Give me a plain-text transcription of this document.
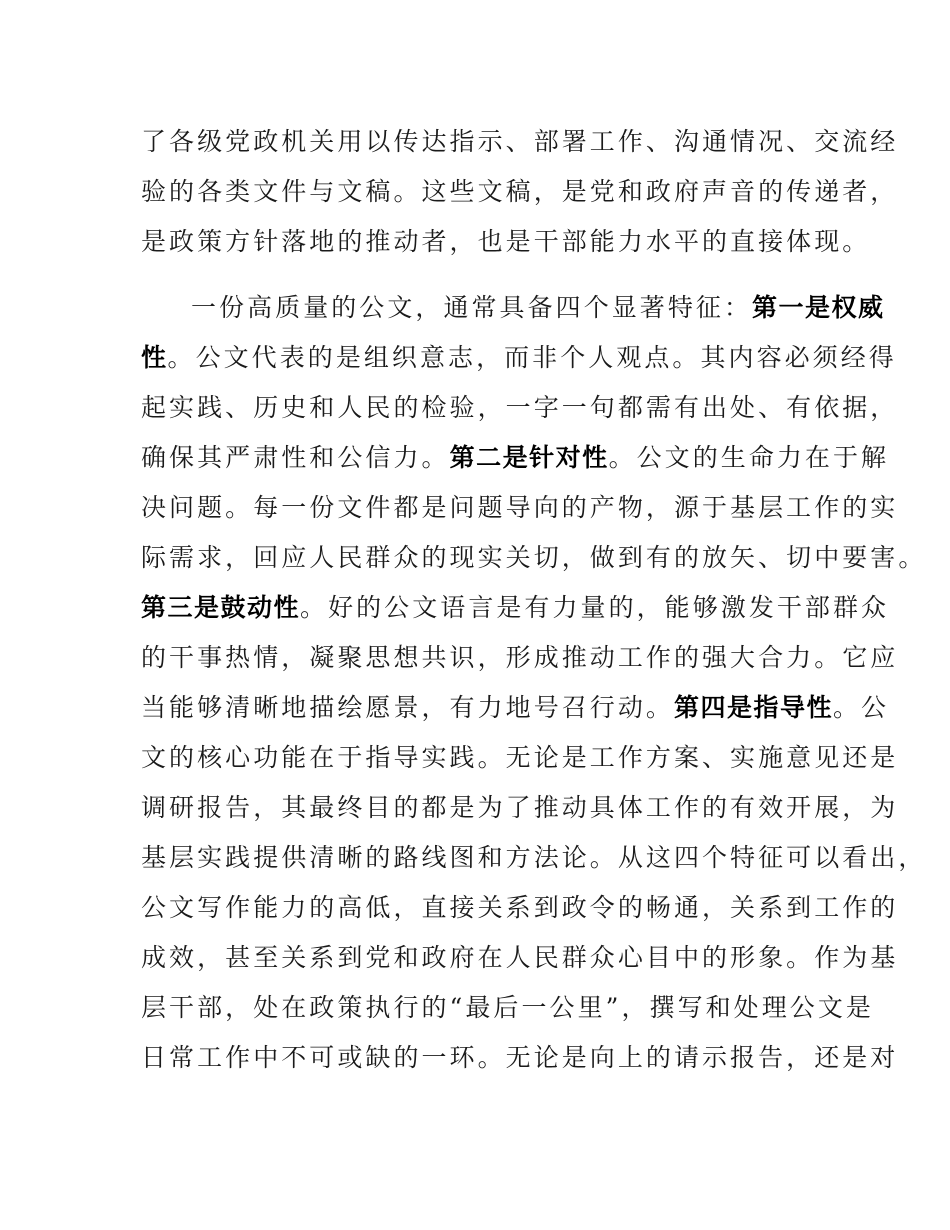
了各级党政机关用以传达指示、部署工作、沟通情况、交流经
验的各类文件与文稿。这些文稿，是党和政府声音的传递者，
是政策方针落地的推动者，也是干部能力水平的直接体现。
一份高质量的公文，通常具备四个显著特征：第一是权威
性。公文代表的是组织意志，而非个人观点。其内容必须经得
起实践、历史和人民的检验，一字一句都需有出处、有依据，
确保其严肃性和公信力。第二是针对性。公文的生命力在于解
决问题。每一份文件都是问题导向的产物，源于基层工作的实
际需求，回应人民群众的现实关切，做到有的放矢、切中要害。
第三是鼓动性。好的公文语言是有力量的，能够激发干部群众
的干事热情，凝聚思想共识，形成推动工作的强大合力。它应
当能够清晰地描绘愿景，有力地号召行动。第四是指导性。公
文的核心功能在于指导实践。无论是工作方案、实施意见还是
调研报告，其最终目的都是为了推动具体工作的有效开展，为
基层实践提供清晰的路线图和方法论。从这四个特征可以看出，
公文写作能力的高低，直接关系到政令的畅通，关系到工作的
成效，甚至关系到党和政府在人民群众心目中的形象。作为基
层干部，处在政策执行的“最后一公里”，撰写和处理公文是
日常工作中不可或缺的一环。无论是向上的请示报告，还是对
